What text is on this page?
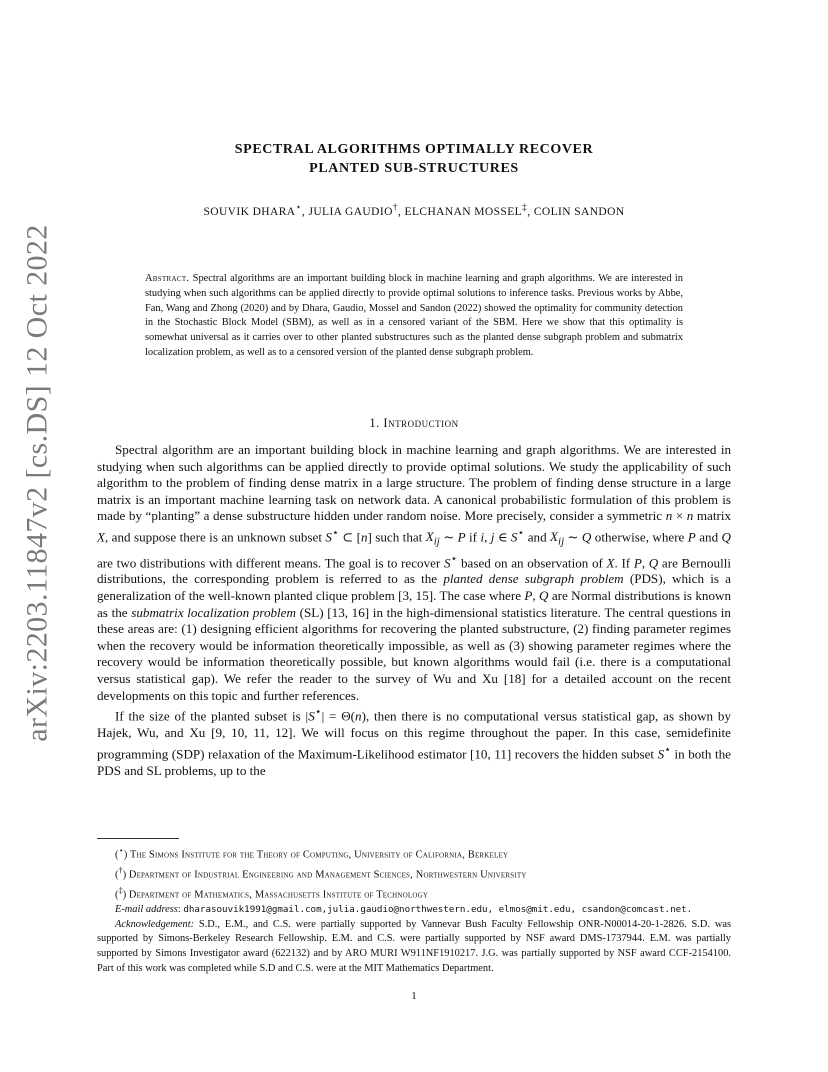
arXiv:2203.11847v2 [cs.DS] 12 Oct 2022
SPECTRAL ALGORITHMS OPTIMALLY RECOVER
PLANTED SUB-STRUCTURES
SOUVIK DHARA⋆, JULIA GAUDIO†, ELCHANAN MOSSEL‡, COLIN SANDON
Abstract. Spectral algorithms are an important building block in machine learning and graph algorithms. We are interested in studying when such algorithms can be applied directly to provide optimal solutions to inference tasks. Previous works by Abbe, Fan, Wang and Zhong (2020) and by Dhara, Gaudio, Mossel and Sandon (2022) showed the optimality for community detection in the Stochastic Block Model (SBM), as well as in a censored variant of the SBM. Here we show that this optimality is somewhat universal as it carries over to other planted substructures such as the planted dense subgraph problem and submatrix localization problem, as well as to a censored version of the planted dense subgraph problem.
1. Introduction

Spectral algorithm are an important building block in machine learning and graph algorithms. We are interested in studying when such algorithms can be applied directly to provide optimal solutions. We study the applicability of such algorithm to the problem of finding dense matrix in a large structure. The problem of finding dense structure in a large matrix is an important machine learning task on network data. A canonical probabilistic formulation of this problem is made by “planting” a dense substructure hidden under random noise. More precisely, consider a symmetric n × n matrix X, and suppose there is an unknown subset S⋆ ⊂ [n] such that $X_{ij}$ ∼ P if i, j ∈ S⋆ and $X_{ij}$ ∼ Q otherwise, where P and Q are two distributions with different means. The goal is to recover S⋆ based on an observation of X. If P, Q are Bernoulli distributions, the corresponding problem is referred to as the planted dense subgraph problem (PDS), which is a generalization of the well-known planted clique problem [3, 15]. The case where P, Q are Normal distributions is known as the submatrix localization problem (SL) [13, 16] in the high-dimensional statistics literature. The central questions in these areas are: (1) designing efficient algorithms for recovering the planted substructure, (2) finding parameter regimes when the recovery would be information theoretically impossible, as well as (3) showing parameter regimes where the recovery would be information theoretically possible, but known algorithms would fail (i.e. there is a computational versus statistical gap). We refer the reader to the survey of Wu and Xu [18] for a detailed account on the recent developments on this topic and further references.

If the size of the planted subset is |S⋆| = Θ(n), then there is no computational versus statistical gap, as shown by Hajek, Wu, and Xu [9, 10, 11, 12]. We will focus on this regime throughout the paper. In this case, semidefinite programming (SDP) relaxation of the Maximum-Likelihood estimator [10, 11] recovers the hidden subset S⋆ in both the PDS and SL problems, up to the

(⋆) The Simons Institute for the Theory of Computing, University of California, Berkeley

(†) Department of Industrial Engineering and Management Sciences, Northwestern University

(‡) Department of Mathematics, Massachusetts Institute of Technology

E-mail address: dharasouvik1991@gmail.com,julia.gaudio@northwestern.edu, elmos@mit.edu, csandon@comcast.net.

Acknowledgement: S.D., E.M., and C.S. were partially supported by Vannevar Bush Faculty Fellowship ONR-N00014-20-1-2826. S.D. was supported by Simons-Berkeley Research Fellowship. E.M. and C.S. were partially supported by NSF award DMS-1737944. E.M. was partially supported by Simons Investigator award (622132) and by ARO MURI W911NF1910217. J.G. was partially supported by NSF award CCF-2154100. Part of this work was completed while S.D and C.S. were at the MIT Mathematics Department.

1
